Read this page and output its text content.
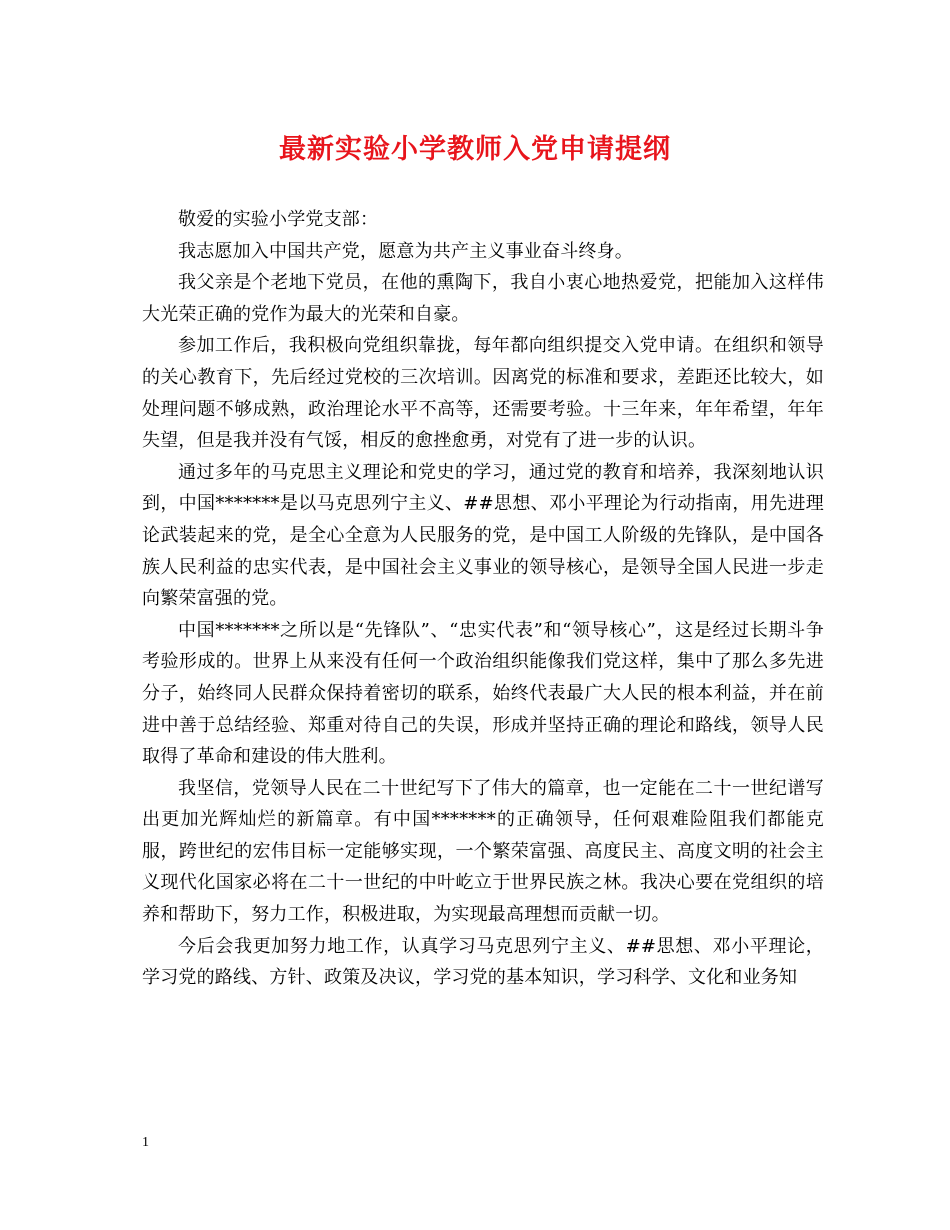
最新实验小学教师入党申请提纲

敬爱的实验小学党支部：

我志愿加入中国共产党，愿意为共产主义事业奋斗终身。

我父亲是个老地下党员，在他的熏陶下，我自小衷心地热爱党，把能加入这样伟大光荣正确的党作为最大的光荣和自豪。

参加工作后，我积极向党组织靠拢，每年都向组织提交入党申请。在组织和领导的关心教育下，先后经过党校的三次培训。因离党的标准和要求，差距还比较大，如处理问题不够成熟，政治理论水平不高等，还需要考验。十三年来，年年希望，年年失望，但是我并没有气馁，相反的愈挫愈勇，对党有了进一步的认识。

通过多年的马克思主义理论和党史的学习，通过党的教育和培养，我深刻地认识到，中国*******是以马克思列宁主义、##思想、邓小平理论为行动指南，用先进理论武装起来的党，是全心全意为人民服务的党，是中国工人阶级的先锋队，是中国各族人民利益的忠实代表，是中国社会主义事业的领导核心，是领导全国人民进一步走向繁荣富强的党。

中国*******之所以是“先锋队”、“忠实代表”和“领导核心”，这是经过长期斗争考验形成的。世界上从来没有任何一个政治组织能像我们党这样，集中了那么多先进分子，始终同人民群众保持着密切的联系，始终代表最广大人民的根本利益，并在前进中善于总结经验、郑重对待自己的失误，形成并坚持正确的理论和路线，领导人民取得了革命和建设的伟大胜利。

我坚信，党领导人民在二十世纪写下了伟大的篇章，也一定能在二十一世纪谱写出更加光辉灿烂的新篇章。有中国*******的正确领导，任何艰难险阻我们都能克服，跨世纪的宏伟目标一定能够实现，一个繁荣富强、高度民主、高度文明的社会主义现代化国家必将在二十一世纪的中叶屹立于世界民族之林。我决心要在党组织的培养和帮助下，努力工作，积极进取，为实现最高理想而贡献一切。

今后会我更加努力地工作，认真学习马克思列宁主义、##思想、邓小平理论，学习党的路线、方针、政策及决议，学习党的基本知识，学习科学、文化和业务知

1
